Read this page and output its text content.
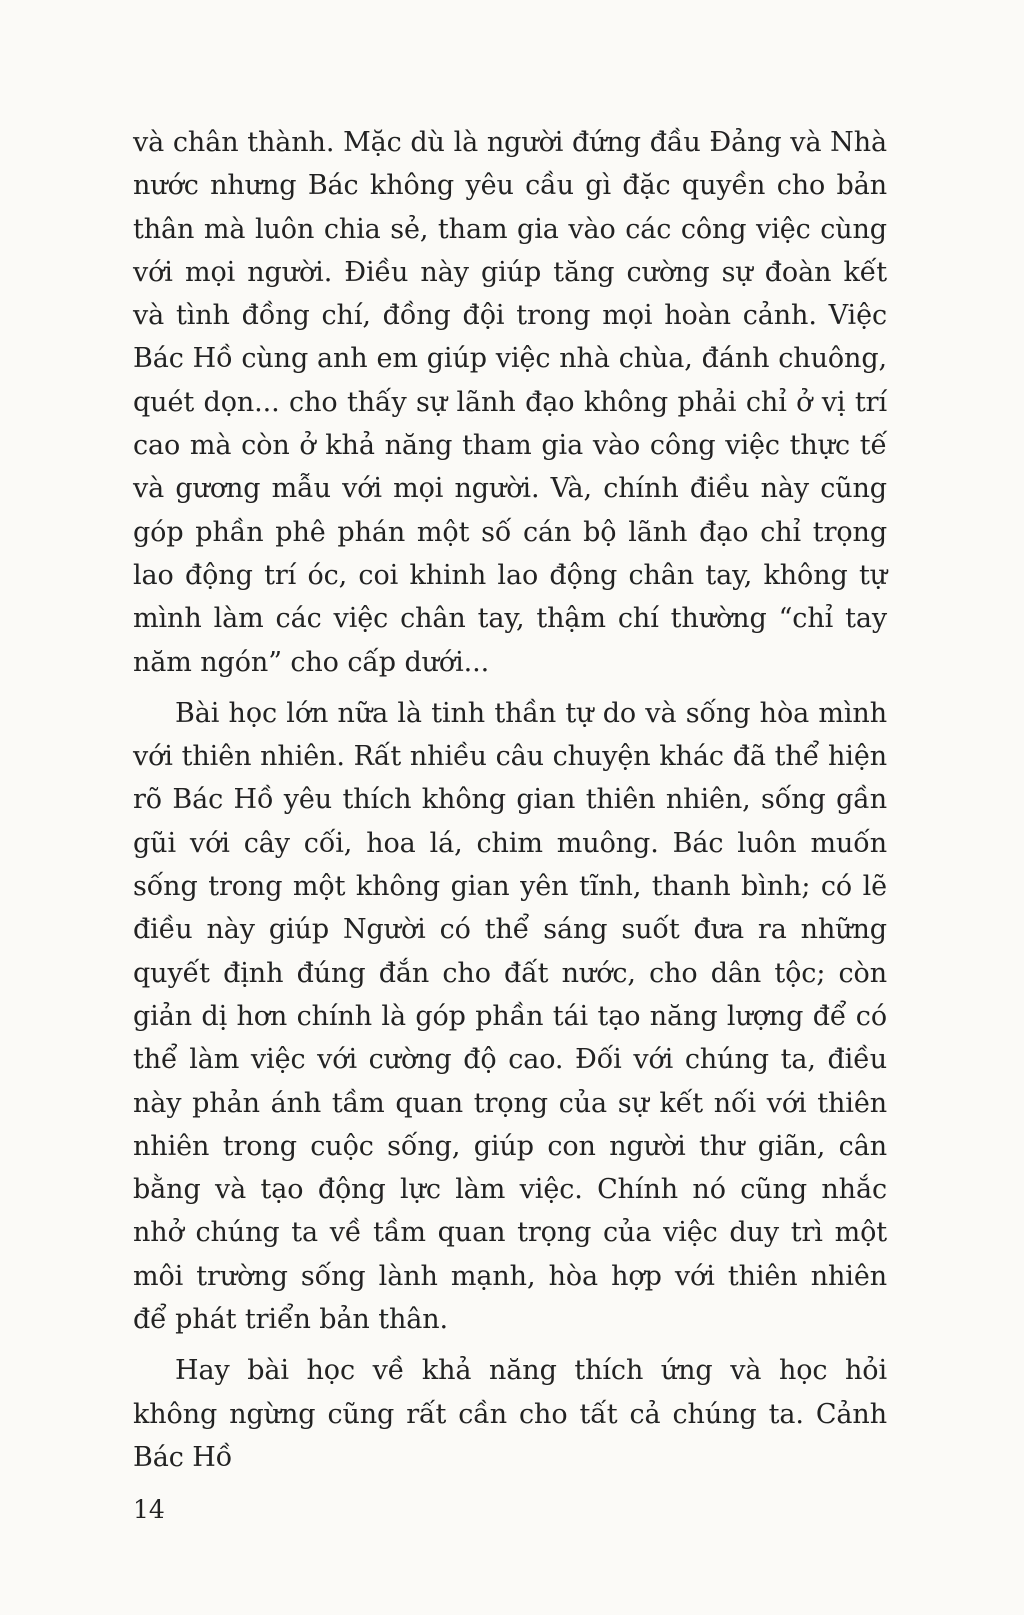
và chân thành. Mặc dù là người đứng đầu Đảng và Nhà nước nhưng Bác không yêu cầu gì đặc quyền cho bản thân mà luôn chia sẻ, tham gia vào các công việc cùng với mọi người. Điều này giúp tăng cường sự đoàn kết và tình đồng chí, đồng đội trong mọi hoàn cảnh. Việc Bác Hồ cùng anh em giúp việc nhà chùa, đánh chuông, quét dọn... cho thấy sự lãnh đạo không phải chỉ ở vị trí cao mà còn ở khả năng tham gia vào công việc thực tế và gương mẫu với mọi người. Và, chính điều này cũng góp phần phê phán một số cán bộ lãnh đạo chỉ trọng lao động trí óc, coi khinh lao động chân tay, không tự mình làm các việc chân tay, thậm chí thường “chỉ tay năm ngón” cho cấp dưới...

Bài học lớn nữa là tinh thần tự do và sống hòa mình với thiên nhiên. Rất nhiều câu chuyện khác đã thể hiện rõ Bác Hồ yêu thích không gian thiên nhiên, sống gần gũi với cây cối, hoa lá, chim muông. Bác luôn muốn sống trong một không gian yên tĩnh, thanh bình; có lẽ điều này giúp Người có thể sáng suốt đưa ra những quyết định đúng đắn cho đất nước, cho dân tộc; còn giản dị hơn chính là góp phần tái tạo năng lượng để có thể làm việc với cường độ cao. Đối với chúng ta, điều này phản ánh tầm quan trọng của sự kết nối với thiên nhiên trong cuộc sống, giúp con người thư giãn, cân bằng và tạo động lực làm việc. Chính nó cũng nhắc nhở chúng ta về tầm quan trọng của việc duy trì một môi trường sống lành mạnh, hòa hợp với thiên nhiên để phát triển bản thân.

Hay bài học về khả năng thích ứng và học hỏi không ngừng cũng rất cần cho tất cả chúng ta. Cảnh Bác Hồ

14
